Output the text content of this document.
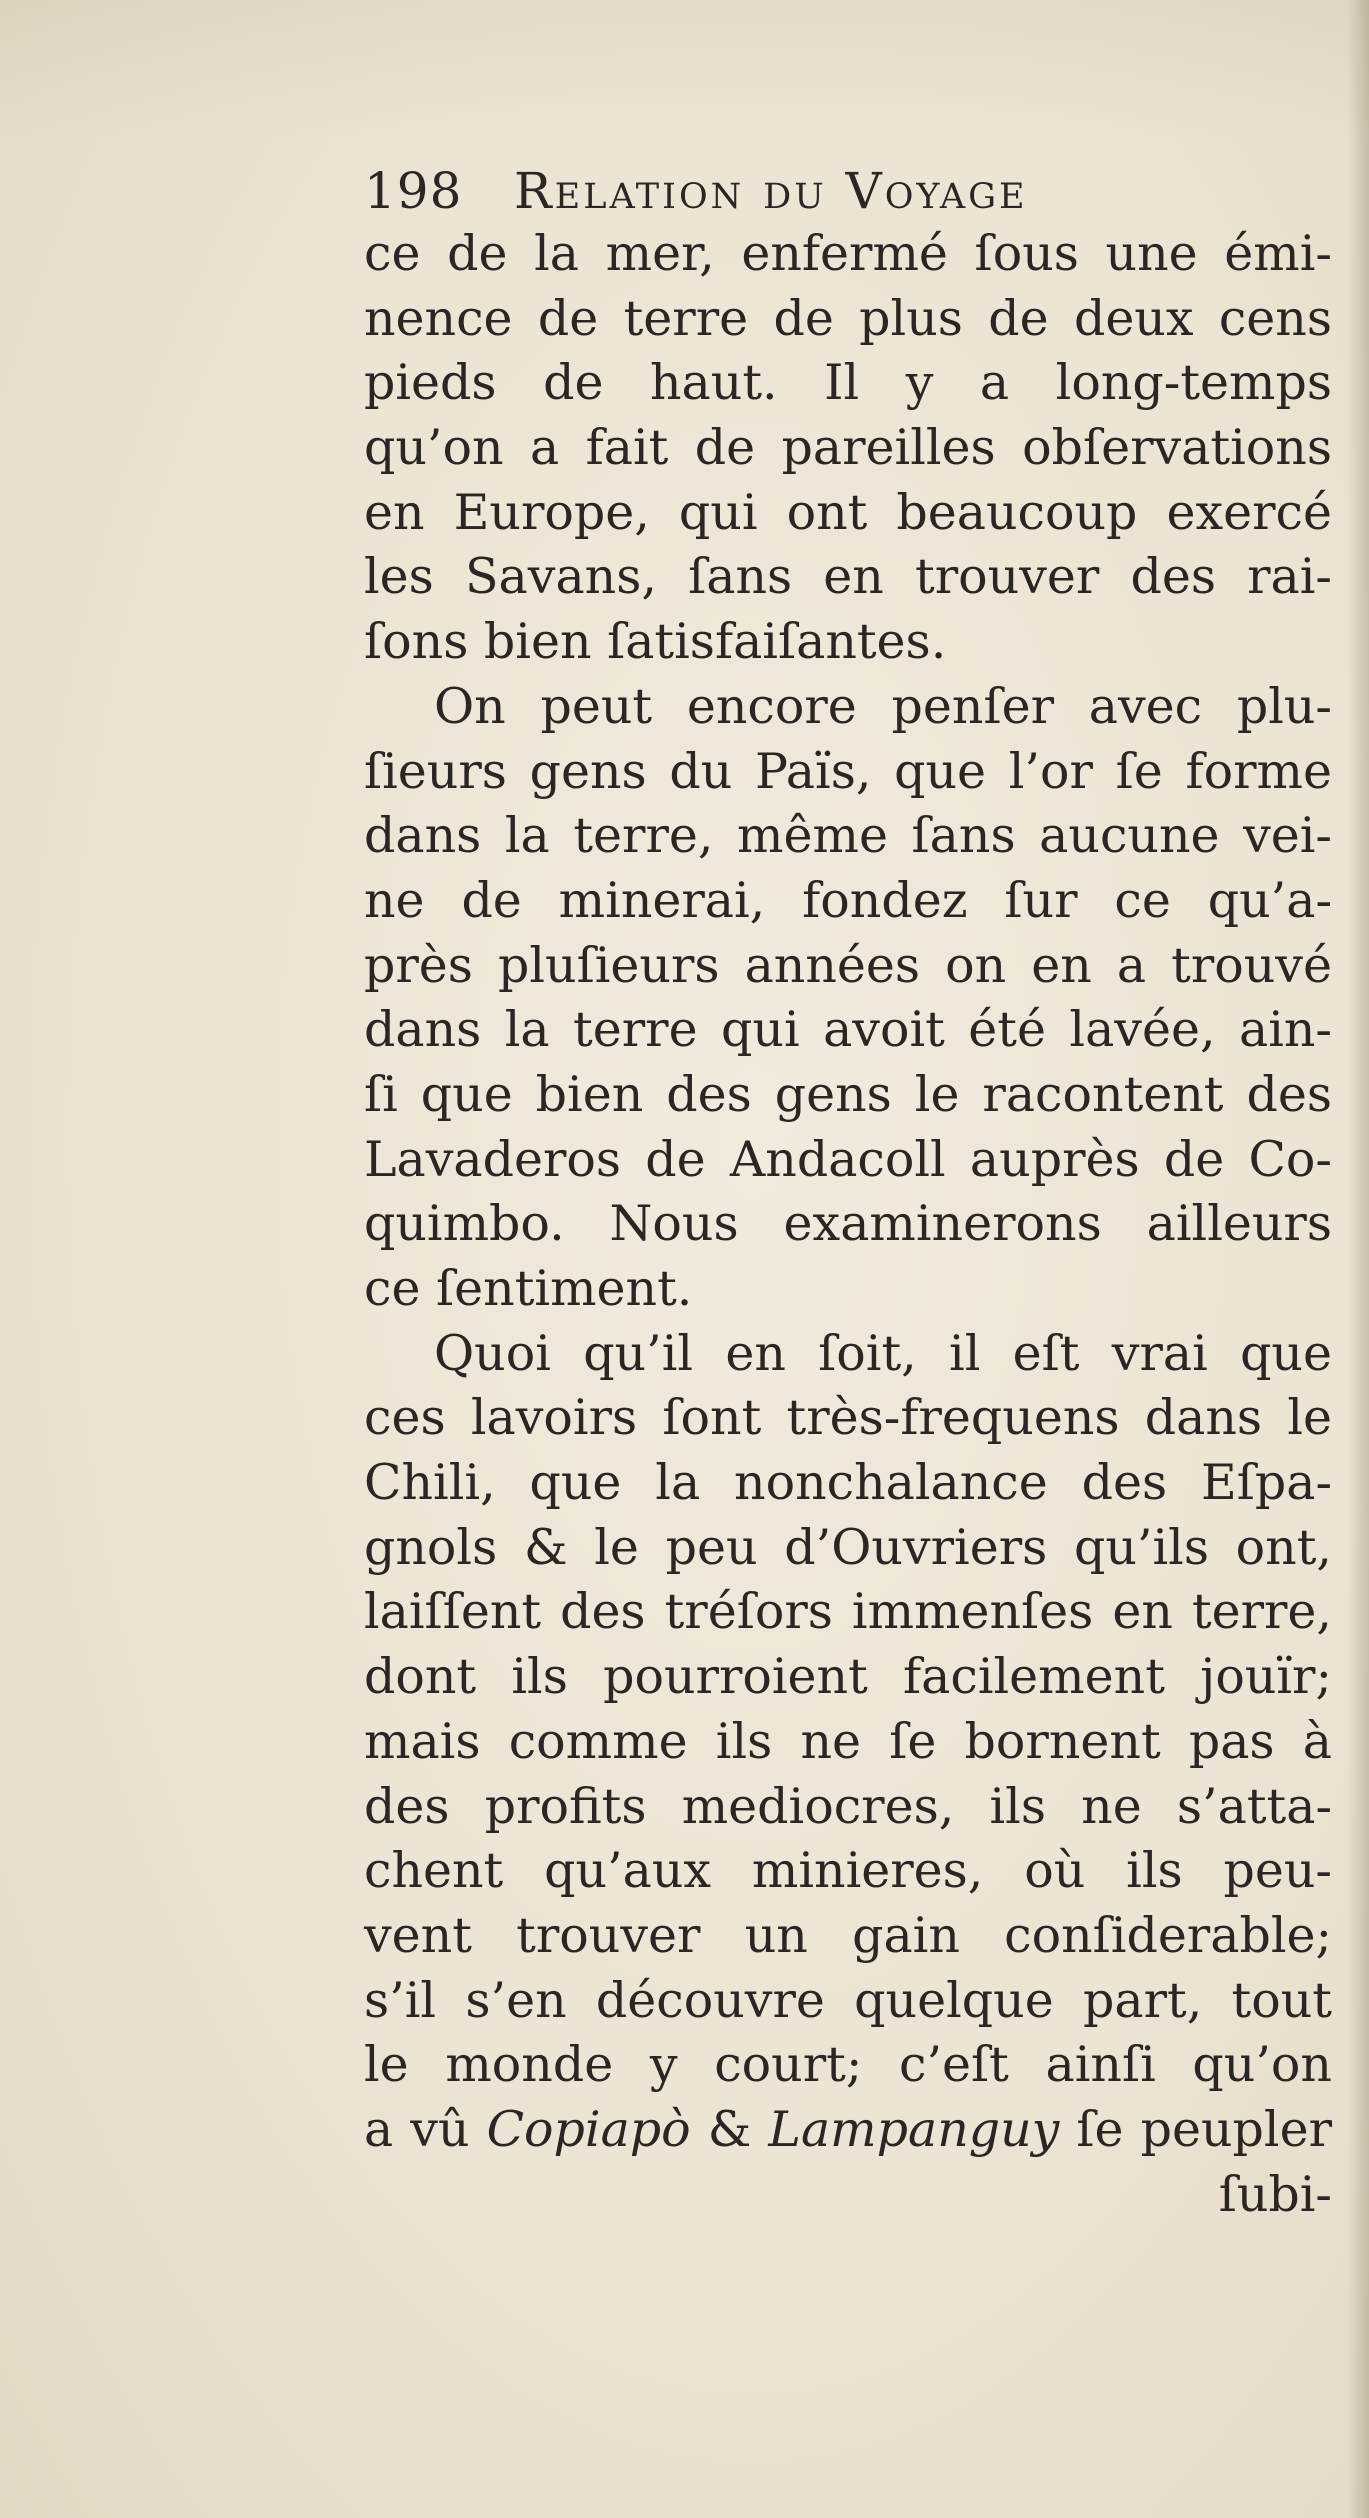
198 Relation du Voyage
ce de la mer, enfermé ſous une émi-
nence de terre de plus de deux cens
pieds de haut. Il y a long-temps
qu’on a fait de pareilles obſervations
en Europe, qui ont beaucoup exercé
les Savans, ſans en trouver des rai-
ſons bien ſatisfaiſantes.
On peut encore penſer avec plu-
ſieurs gens du Païs, que l’or ſe forme
dans la terre, même ſans aucune vei-
ne de minerai, fondez ſur ce qu’a-
près pluſieurs années on en a trouvé
dans la terre qui avoit été lavée, ain-
ſi que bien des gens le racontent des
Lavaderos de Andacoll auprès de Co-
quimbo. Nous examinerons ailleurs
ce ſentiment.
Quoi qu’il en ſoit, il eſt vrai que
ces lavoirs ſont très-frequens dans le
Chili, que la nonchalance des Eſpa-
gnols & le peu d’Ouvriers qu’ils ont,
laiſſent des tréſors immenſes en terre,
dont ils pourroient facilement jouïr;
mais comme ils ne ſe bornent pas à
des profits mediocres, ils ne s’atta-
chent qu’aux minieres, où ils peu-
vent trouver un gain conſiderable;
s’il s’en découvre quelque part, tout
le monde y court; c’eſt ainſi qu’on
a vû Copiapò & Lampanguy ſe peupler
ſubi-
